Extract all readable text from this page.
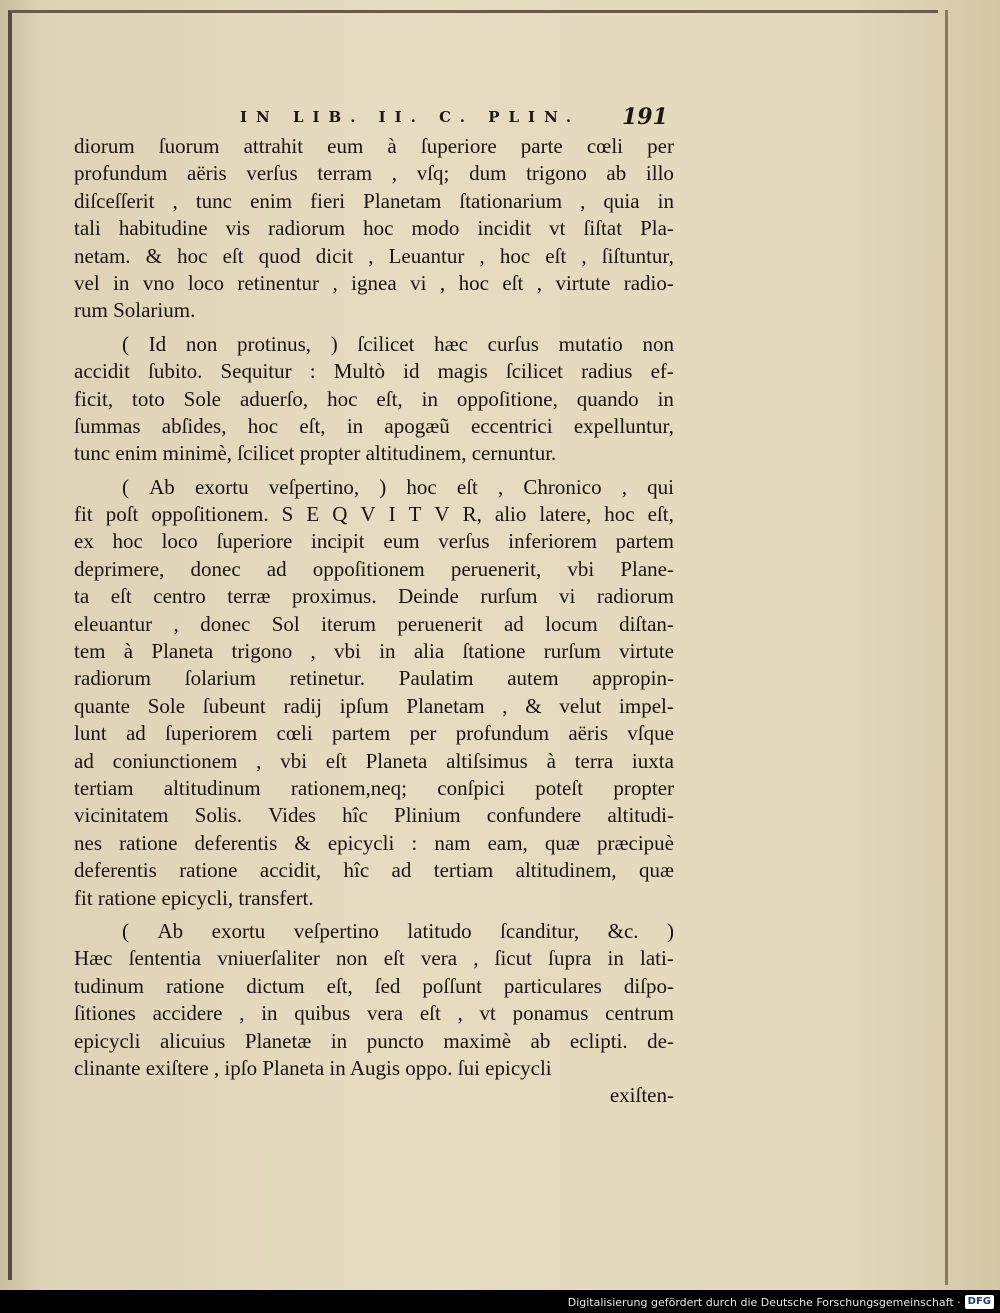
IN LIB. II. C. PLIN.	191
diorum ſuorum attrahit eum à ſuperiore parte cœli per
profundum aëris verſus terram , vſq; dum trigono ab illo
diſceſſerit , tunc enim fieri Planetam ſtationarium , quia in
tali habitudine vis radiorum hoc modo incidit vt ſiſtat Pla-
netam. & hoc eſt quod dicit , Leuantur , hoc eſt , ſiſtuntur,
vel in vno loco retinentur , ignea vi , hoc eſt , virtute radio-
rum Solarium.
( Id non protinus, ) ſcilicet hæc curſus mutatio non
accidit ſubito. Sequitur : Multò id magis ſcilicet radius ef-
ficit, toto Sole aduerſo, hoc eſt, in oppoſitione, quando in
ſummas abſides, hoc eſt, in apogæũ eccentrici expelluntur,
tunc enim minimè, ſcilicet propter altitudinem, cernuntur.
( Ab exortu veſpertino, ) hoc eſt , Chronico , qui
fit poſt oppoſitionem. S E Q V I T V R, alio latere, hoc eſt,
ex hoc loco ſuperiore incipit eum verſus inferiorem partem
deprimere, donec ad oppoſitionem peruenerit, vbi Plane-
ta eſt centro terræ proximus. Deinde rurſum vi radiorum
eleuantur , donec Sol iterum peruenerit ad locum diſtan-
tem à Planeta trigono , vbi in alia ſtatione rurſum virtute
radiorum ſolarium retinetur. Paulatim autem appropin-
quante Sole ſubeunt radij ipſum Planetam , & velut impel-
lunt ad ſuperiorem cœli partem per profundum aëris vſque
ad coniunctionem , vbi eſt Planeta altiſsimus à terra iuxta
tertiam altitudinum rationem,neq; conſpici poteſt propter
vicinitatem Solis. Vides hîc Plinium confundere altitudi-
nes ratione deferentis & epicycli : nam eam, quæ præcipuè
deferentis ratione accidit, hîc ad tertiam altitudinem, quæ
fit ratione epicycli, transfert.
( Ab exortu veſpertino latitudo ſcanditur, &c. )
Hæc ſententia vniuerſaliter non eſt vera , ſicut ſupra in lati-
tudinum ratione dictum eſt, ſed poſſunt particulares diſpo-
ſitiones accidere , in quibus vera eſt , vt ponamus centrum
epicycli alicuius Planetæ in puncto maximè ab eclipti. de-
clinante exiſtere , ipſo Planeta in Augis oppo. ſui epicycli
exiſten-
Digitalisierung gefördert durch die Deutsche Forschungsgemeinschaft · DFG
